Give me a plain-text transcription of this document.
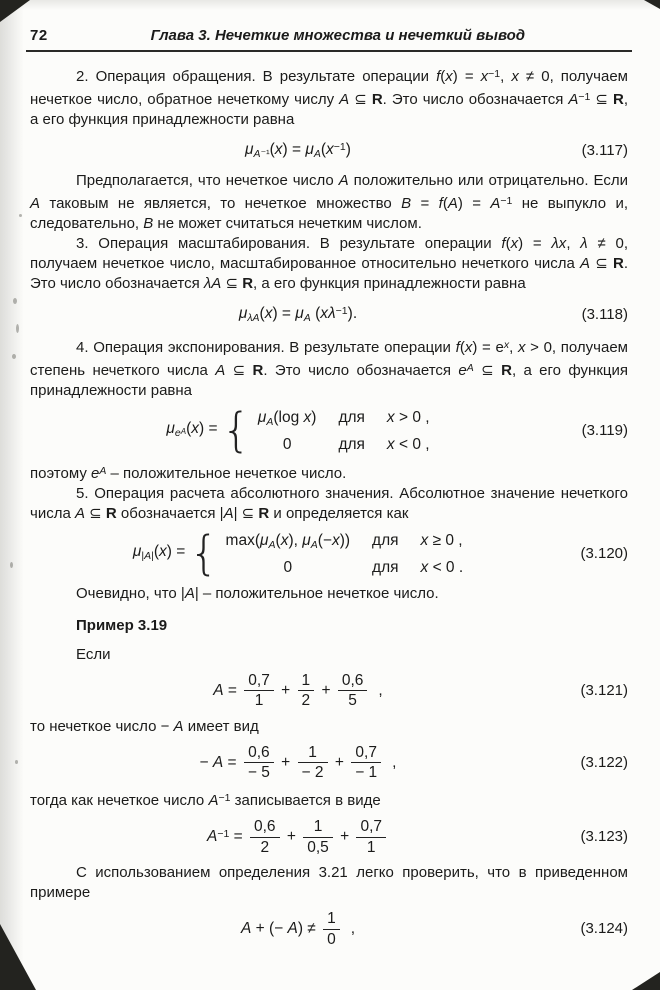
72	Глава 3. Нечеткие множества и нечеткий вывод

2. Операция обращения. В результате операции $f(x) = x^{-1}$, x ≠ 0, получаем нечеткое число, обратное нечеткому числу A ⊆ R. Это число обозначается $A^{-1}$ ⊆ R, а его функция принадлежности равна

$\mu_{A^{-1}}(x) = \mu_A(x^{-1})$	(3.117)

Предполагается, что нечеткое число A положительно или отрицательно. Если A таковым не является, то нечеткое множество $B = f(A) = A^{-1}$ не выпукло и, следовательно, B не может считаться нечетким числом.

3. Операция масштабирования. В результате операции f(x) = λx, λ ≠ 0, получаем нечеткое число, масштабированное относительно нечеткого числа A ⊆ R. Это число обозначается λA ⊆ R, а его функция принадлежности равна

$\mu_{\lambda A}(x) = \mu_A$ $(x\lambda^{-1})$.	(3.118)

4. Операция экспонирования. В результате операции $f(x) = e^x$, x > 0, получаем степень нечеткого числа A ⊆ R. Это число обозначается $e^A$ ⊆ R, а его функция принадлежности равна

$\mu_{e^A}(x)$ = { $\mu_A(\log$ x) для x > 0 ,
0	для x < 0 ,
(3.119)

поэтому $e^A$ – положительное нечеткое число.

5. Операция расчета абсолютного значения. Абсолютное значение нечеткого числа A ⊆ R обозначается |A| ⊆ R и определяется как

$\mu_{|A|}(x)$ = { $\max(\mu_A(x)$, $\mu_A(-x)$) для x ≥ 0 ,
0	для x < 0 .
(3.120)

Очевидно, что |A| – положительное нечеткое число.

Пример 3.19

Если

$A = \frac{0,7}{1} + \frac{1}{2} + \frac{0,6}{5}$ ,	(3.121)

то нечеткое число − A имеет вид

− $A = \frac{0,6}{- 5} + \frac{1}{- 2} + \frac{0,7}{- 1}$ ,	(3.122)

тогда как нечеткое число $A^{-1}$ записывается в виде

$A^{-1} = \frac{0,6}{2} + \frac{1}{0,5} + \frac{0,7}{1}$	(3.123)

С использованием определения 3.21 легко проверить, что в приведенном примере

A + (− $A) \ne \frac{1}{0}$ ,	(3.124)
